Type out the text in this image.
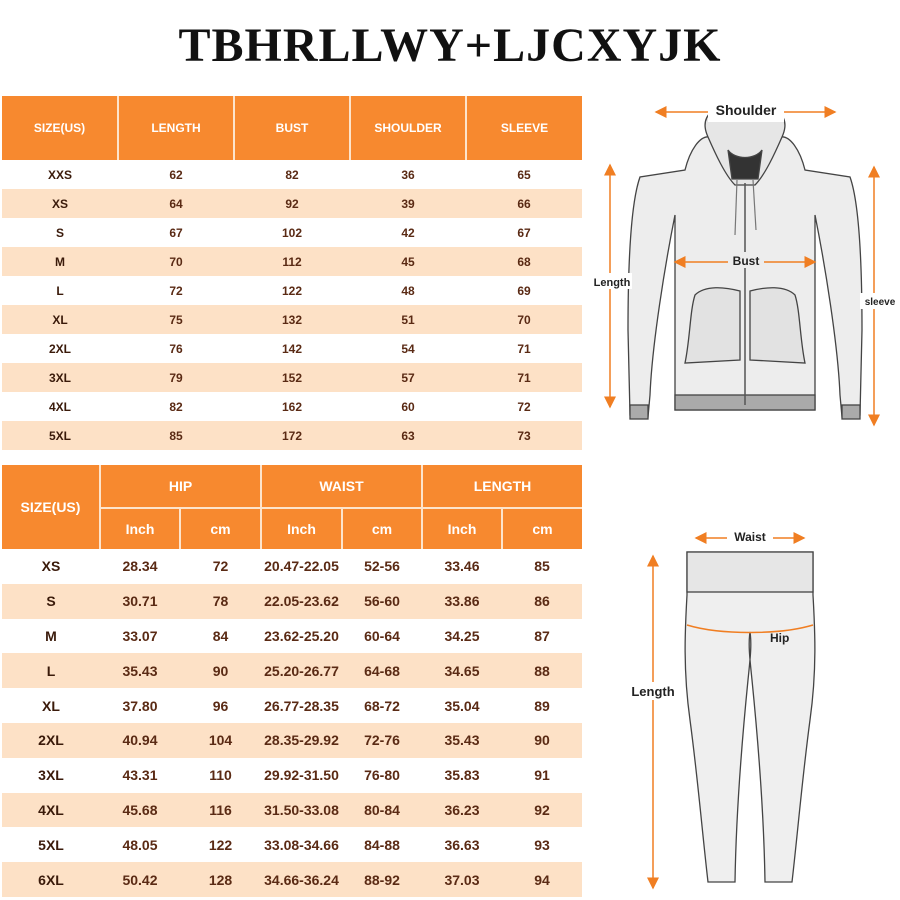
TBHRLLWY+LJCXYJK
SIZE(US)	LENGTH	BUST	SHOULDER	SLEEVE
XXS	62	82	36	65
XS	64	92	39	66
S	67	102	42	67
M	70	112	45	68
L	72	122	48	69
XL	75	132	51	70
2XL	76	142	54	71
3XL	79	152	57	71
4XL	82	162	60	72
5XL	85	172	63	73
SIZE(US)	HIP		WAIST		LENGTH	
	Inch	cm	Inch	cm	Inch	cm
XS	28.34	72	20.47-22.05	52-56	33.46	85
S	30.71	78	22.05-23.62	56-60	33.86	86
M	33.07	84	23.62-25.20	60-64	34.25	87
L	35.43	90	25.20-26.77	64-68	34.65	88
XL	37.80	96	26.77-28.35	68-72	35.04	89
2XL	40.94	104	28.35-29.92	72-76	35.43	90
3XL	43.31	110	29.92-31.50	76-80	35.83	91
4XL	45.68	116	31.50-33.08	80-84	36.23	92
5XL	48.05	122	33.08-34.66	84-88	36.63	93
6XL	50.42	128	34.66-36.24	88-92	37.03	94
Shoulder
Bust
Length
sleeve
Waist
Hip
Length
